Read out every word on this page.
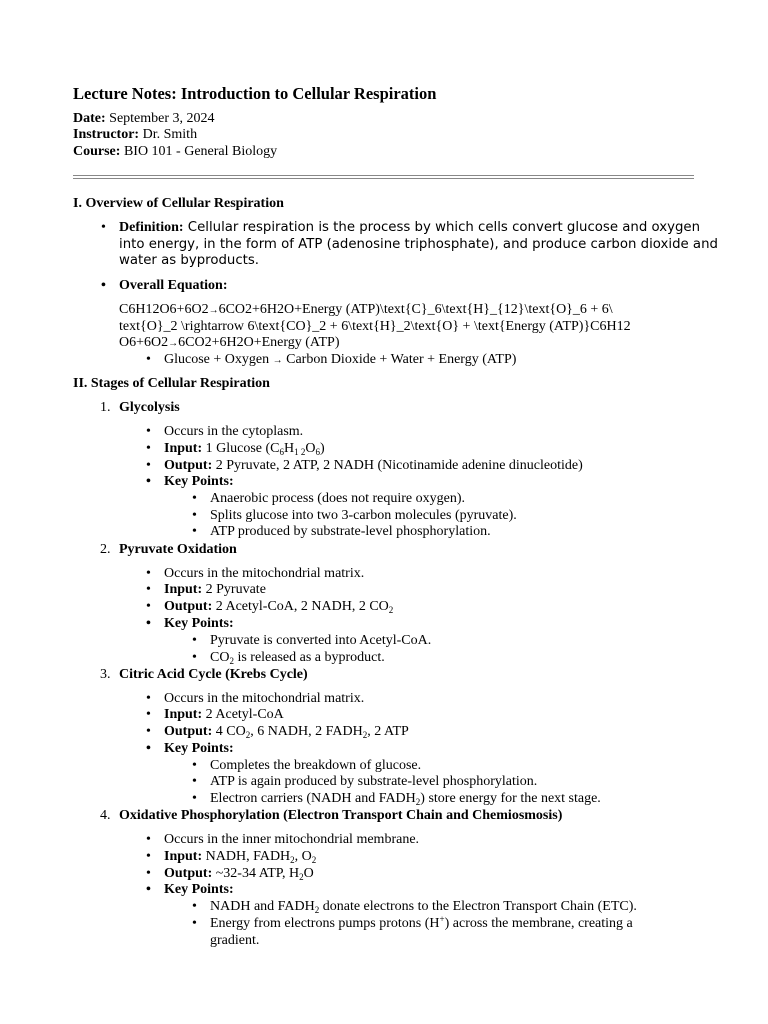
Lecture Notes: Introduction to Cellular Respiration
Date: September 3, 2024
Instructor: Dr. Smith
Course: BIO 101 - General Biology
I. Overview of Cellular Respiration
• Definition: Cellular respiration is the process by which cells convert glucose and oxygen
into energy, in the form of ATP (adenosine triphosphate), and produce carbon dioxide and
water as byproducts.
• Overall Equation:
C6H12O6+6O2→6CO2+6H2O+Energy (ATP)\text{C}_6\text{H}_{12}\text{O}_6 + 6\
text{O}_2 \rightarrow 6\text{CO}_2 + 6\text{H}_2\text{O} + \text{Energy (ATP)}C6H12
O6+6O2→6CO2+6H2O+Energy (ATP)
• Glucose + Oxygen → Carbon Dioxide + Water + Energy (ATP)
II. Stages of Cellular Respiration
1. Glycolysis
• Occurs in the cytoplasm.
• Input: 1 Glucose $(C_6H_{1 2}O_6)$
• Output: 2 Pyruvate, 2 ATP, 2 NADH (Nicotinamide adenine dinucleotide)
• Key Points:
• Anaerobic process (does not require oxygen).
• Splits glucose into two 3-carbon molecules (pyruvate).
• ATP produced by substrate-level phosphorylation.
2. Pyruvate Oxidation
• Occurs in the mitochondrial matrix.
• Input: 2 Pyruvate
• Output: 2 Acetyl-CoA, 2 NADH, 2 $CO_2$
• Key Points:
• Pyruvate is converted into Acetyl-CoA.
• $CO_2$ is released as a byproduct.
3. Citric Acid Cycle (Krebs Cycle)
• Occurs in the mitochondrial matrix.
• Input: 2 Acetyl-CoA
• Output: 4 $CO_2$, 6 NADH, 2 $FADH_2$, 2 ATP
• Key Points:
• Completes the breakdown of glucose.
• ATP is again produced by substrate-level phosphorylation.
• Electron carriers (NADH and $FADH_2$) store energy for the next stage.
4. Oxidative Phosphorylation (Electron Transport Chain and Chemiosmosis)
• Occurs in the inner mitochondrial membrane.
• Input: NADH, $FADH_2$, $O_2$
• Output: ~32-34 ATP, $H_2O$
• Key Points:
• NADH and $FADH_2$ donate electrons to the Electron Transport Chain (ETC).
• Energy from electrons pumps protons (H+) across the membrane, creating a
gradient.
